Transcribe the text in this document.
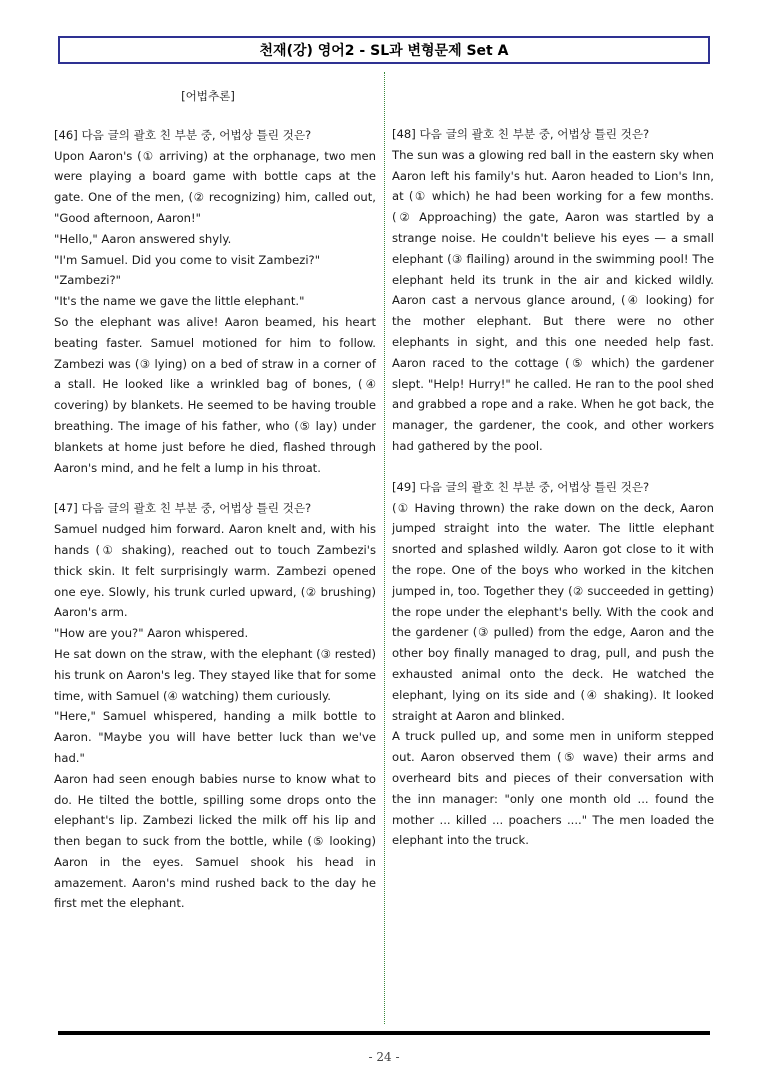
천재(강) 영어2 - SL과 변형문제 Set A
[어법추론]

[46] 다음 글의 괄호 친 부분 중, 어법상 틀린 것은?

Upon Aaron's (① arriving) at the orphanage, two men were playing a board game with bottle caps at the gate. One of the men, (② recognizing) him, called out, "Good afternoon, Aaron!"

"Hello," Aaron answered shyly.

"I'm Samuel. Did you come to visit Zambezi?"

"Zambezi?"

"It's the name we gave the little elephant."

So the elephant was alive! Aaron beamed, his heart beating faster. Samuel motioned for him to follow. Zambezi was (③ lying) on a bed of straw in a corner of a stall. He looked like a wrinkled bag of bones, (④ covering) by blankets. He seemed to be having trouble breathing. The image of his father, who (⑤ lay) under blankets at home just before he died, flashed through Aaron's mind, and he felt a lump in his throat.

[47] 다음 글의 괄호 친 부분 중, 어법상 틀린 것은?

Samuel nudged him forward. Aaron knelt and, with his hands (① shaking), reached out to touch Zambezi's thick skin. It felt surprisingly warm. Zambezi opened one eye. Slowly, his trunk curled upward, (② brushing) Aaron's arm.

"How are you?" Aaron whispered.

He sat down on the straw, with the elephant (③ rested) his trunk on Aaron's leg. They stayed like that for some time, with Samuel (④ watching) them curiously.

"Here," Samuel whispered, handing a milk bottle to Aaron. "Maybe you will have better luck than we've had."

Aaron had seen enough babies nurse to know what to do. He tilted the bottle, spilling some drops onto the elephant's lip. Zambezi licked the milk off his lip and then began to suck from the bottle, while (⑤ looking) Aaron in the eyes. Samuel shook his head in amazement. Aaron's mind rushed back to the day he first met the elephant.

[48] 다음 글의 괄호 친 부분 중, 어법상 틀린 것은?

The sun was a glowing red ball in the eastern sky when Aaron left his family's hut. Aaron headed to Lion's Inn, at (① which) he had been working for a few months. (② Approaching) the gate, Aaron was startled by a strange noise. He couldn't believe his eyes — a small elephant (③ flailing) around in the swimming pool! The elephant held its trunk in the air and kicked wildly. Aaron cast a nervous glance around, (④ looking) for the mother elephant. But there were no other elephants in sight, and this one needed help fast. Aaron raced to the cottage (⑤ which) the gardener slept. "Help! Hurry!" he called. He ran to the pool shed and grabbed a rope and a rake. When he got back, the manager, the gardener, the cook, and other workers had gathered by the pool.

[49] 다음 글의 괄호 친 부분 중, 어법상 틀린 것은?

(① Having thrown) the rake down on the deck, Aaron jumped straight into the water. The little elephant snorted and splashed wildly. Aaron got close to it with the rope. One of the boys who worked in the kitchen jumped in, too. Together they (② succeeded in getting) the rope under the elephant's belly. With the cook and the gardener (③ pulled) from the edge, Aaron and the other boy finally managed to drag, pull, and push the exhausted animal onto the deck. He watched the elephant, lying on its side and (④ shaking). It looked straight at Aaron and blinked.

A truck pulled up, and some men in uniform stepped out. Aaron observed them (⑤ wave) their arms and overheard bits and pieces of their conversation with the inn manager: "only one month old ... found the mother ... killed ... poachers ...." The men loaded the elephant into the truck.

- 24 -
